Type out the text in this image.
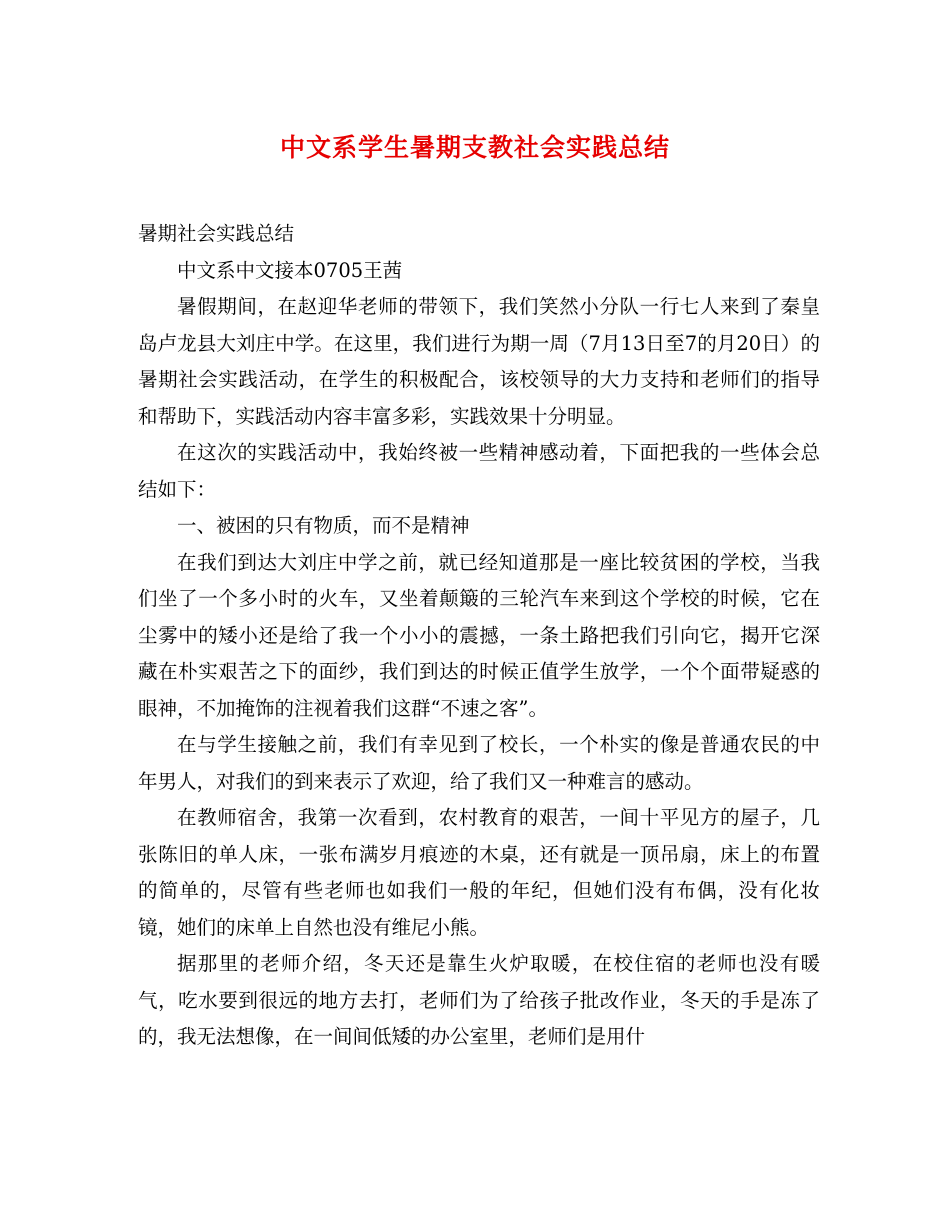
中文系学生暑期支教社会实践总结

暑期社会实践总结

中文系中文接本0705王茜

暑假期间，在赵迎华老师的带领下，我们笑然小分队一行七人来到了秦皇岛卢龙县大刘庄中学。在这里，我们进行为期一周（7月13日至7的月20日）的暑期社会实践活动，在学生的积极配合，该校领导的大力支持和老师们的指导和帮助下，实践活动内容丰富多彩，实践效果十分明显。

在这次的实践活动中，我始终被一些精神感动着，下面把我的一些体会总结如下：

一、被困的只有物质，而不是精神

在我们到达大刘庄中学之前，就已经知道那是一座比较贫困的学校，当我们坐了一个多小时的火车，又坐着颠簸的三轮汽车来到这个学校的时候，它在尘雾中的矮小还是给了我一个小小的震撼，一条土路把我们引向它，揭开它深藏在朴实艰苦之下的面纱，我们到达的时候正值学生放学，一个个面带疑惑的眼神，不加掩饰的注视着我们这群“不速之客”。

在与学生接触之前，我们有幸见到了校长，一个朴实的像是普通农民的中年男人，对我们的到来表示了欢迎，给了我们又一种难言的感动。

在教师宿舍，我第一次看到，农村教育的艰苦，一间十平见方的屋子，几张陈旧的单人床，一张布满岁月痕迹的木桌，还有就是一顶吊扇，床上的布置的简单的，尽管有些老师也如我们一般的年纪，但她们没有布偶，没有化妆镜，她们的床单上自然也没有维尼小熊。

据那里的老师介绍，冬天还是靠生火炉取暖，在校住宿的老师也没有暖气，吃水要到很远的地方去打，老师们为了给孩子批改作业，冬天的手是冻了的，我无法想像，在一间间低矮的办公室里，老师们是用什
